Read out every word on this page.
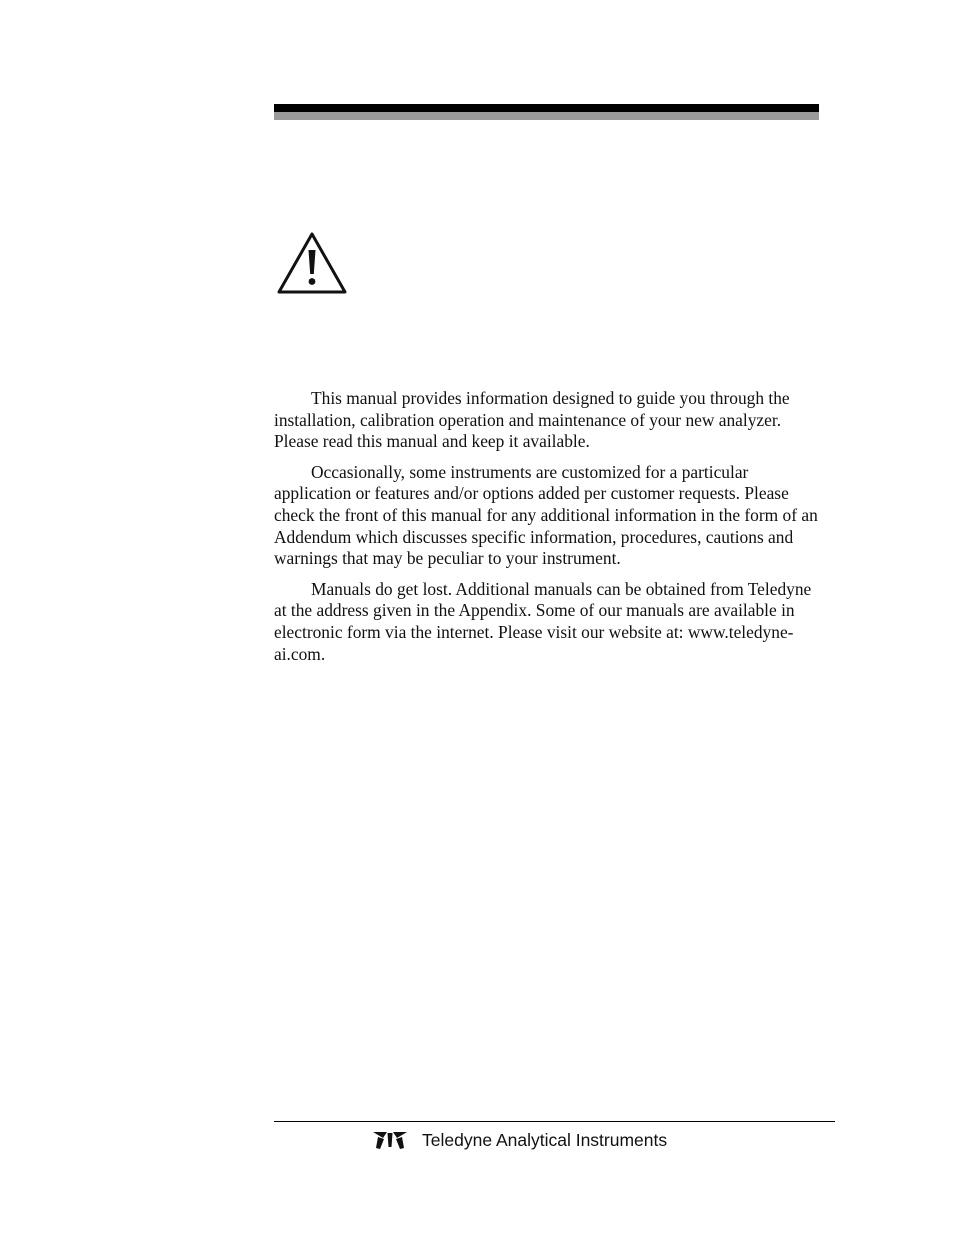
This manual provides information designed to guide you through the installation, calibration operation and maintenance of your new analyzer. Please read this manual and keep it available.

Occasionally, some instruments are customized for a particular application or features and/or options added per customer requests. Please check the front of this manual for any additional information in the form of an Addendum which discusses specific information, procedures, cautions and warnings that may be peculiar to your instrument.

Manuals do get lost. Additional manuals can be obtained from Teledyne at the address given in the Appendix. Some of our manuals are available in electronic form via the internet. Please visit our website at: www.teledyne-ai.com.

Teledyne Analytical Instruments
